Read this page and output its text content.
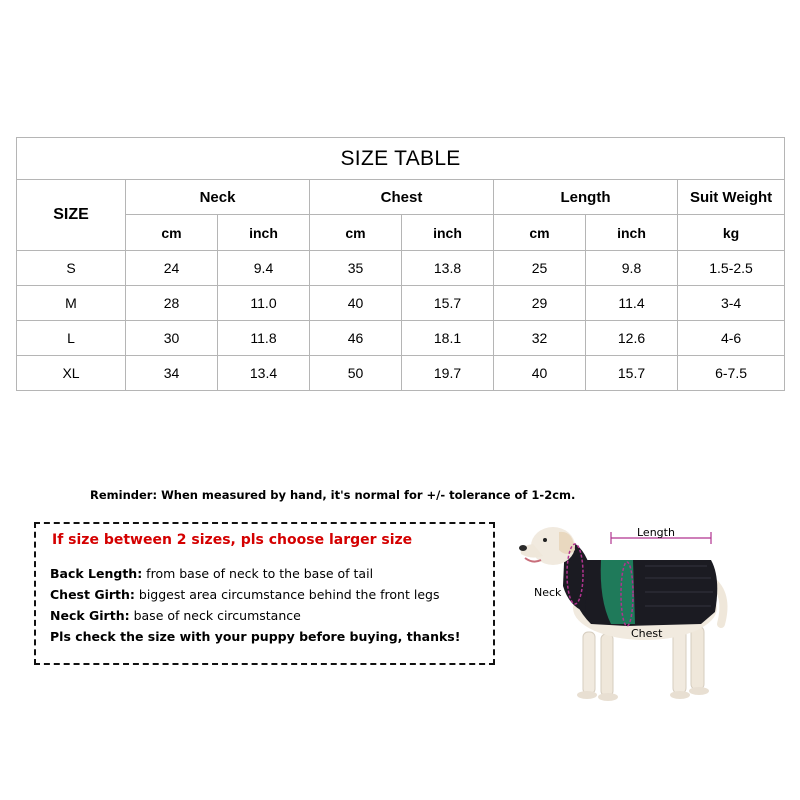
SIZE TABLE							
SIZE	Neck		Chest		Length		Suit Weight
	cm	inch	cm	inch	cm	inch	kg
S	24	9.4	35	13.8	25	9.8	1.5-2.5
M	28	11.0	40	15.7	29	11.4	3-4
L	30	11.8	46	18.1	32	12.6	4-6
XL	34	13.4	50	19.7	40	15.7	6-7.5
Reminder: When measured by hand, it's normal for +/- tolerance of 1-2cm.
If size between 2 sizes, pls choose larger size
Back Length: from base of neck to the base of tail
Chest Girth: biggest area circumstance behind the front legs
Neck Girth: base of neck circumstance
Pls check the size with your puppy before buying, thanks!
Length
Neck
Chest
